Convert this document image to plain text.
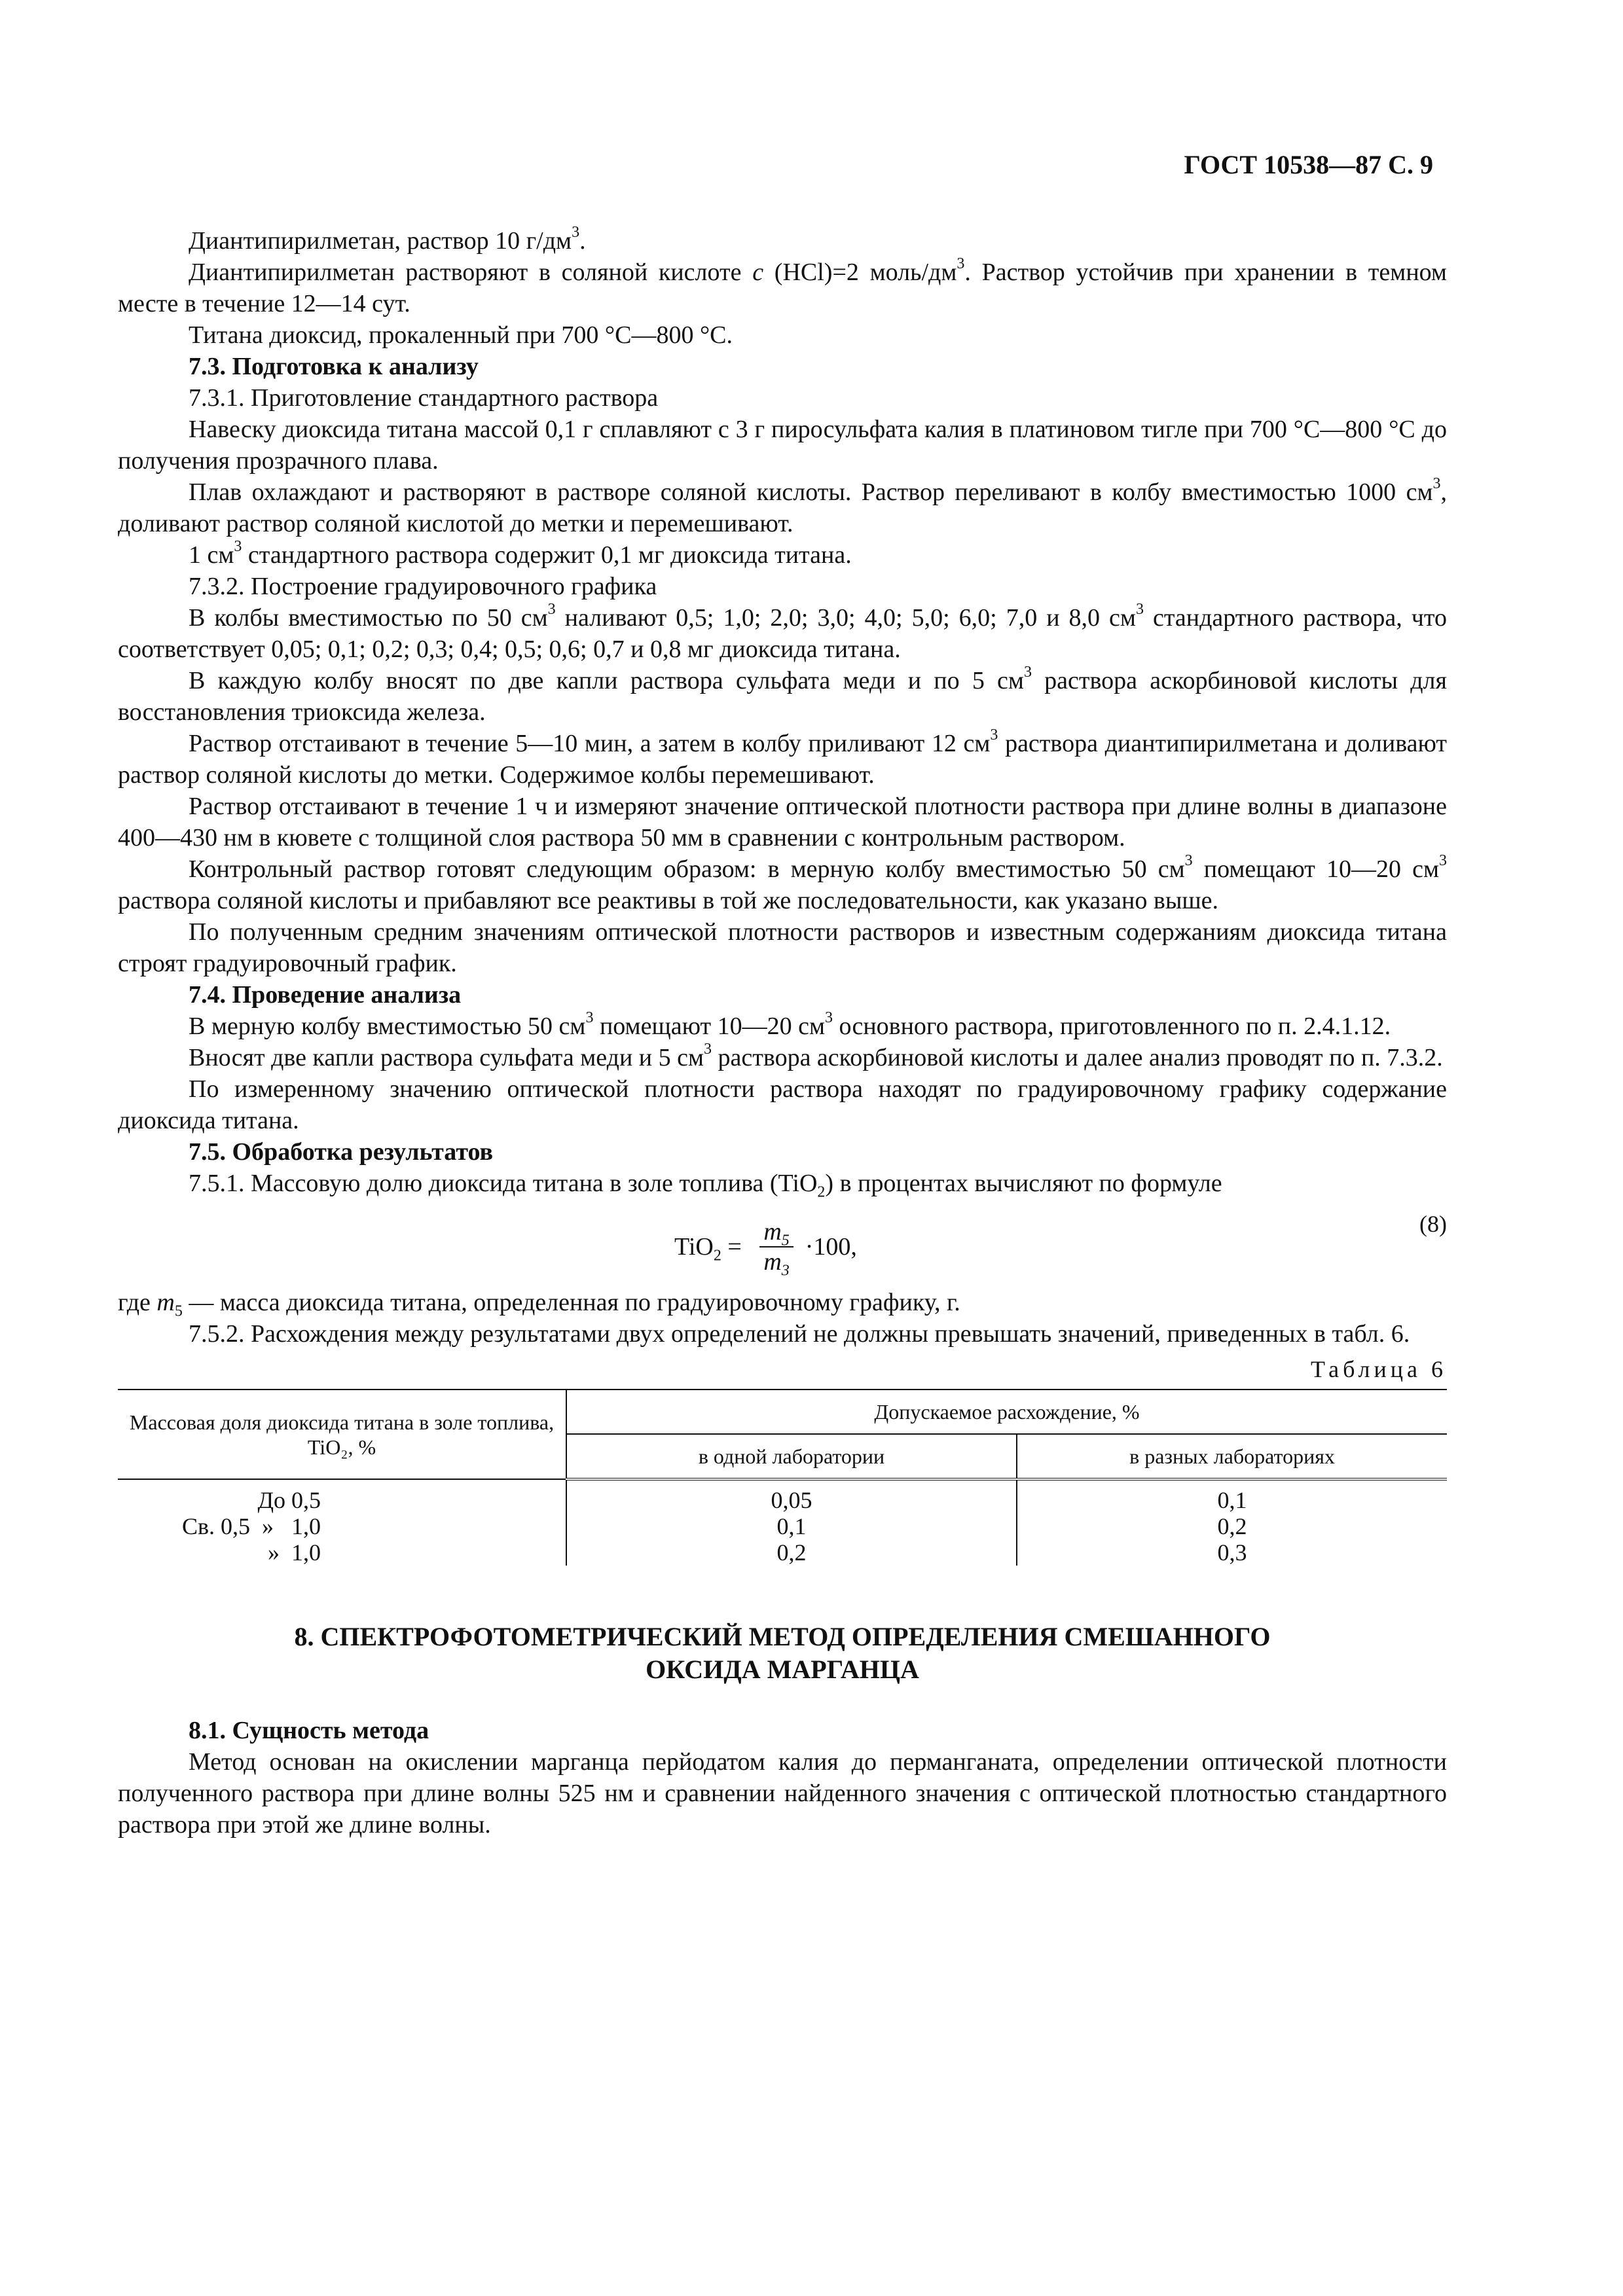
ГОСТ 10538—87 С. 9

Диантипирилметан, раствор 10 $г/дм^3$.

Диантипирилметан растворяют в соляной кислоте c (HCl)=2 моль/$дм^3$. Раствор устойчив при хранении в темном месте в течение 12—14 сут.

Титана диоксид, прокаленный при 700 °С—800 °С.

7.3. Подготовка к анализу

7.3.1. Приготовление стандартного раствора

Навеску диоксида титана массой 0,1 г сплавляют с 3 г пиросульфата калия в платиновом тигле при 700 °С—800 °С до получения прозрачного плава.

Плав охлаждают и растворяют в растворе соляной кислоты. Раствор переливают в колбу вместимостью 1000 $см^3$, доливают раствор соляной кислотой до метки и перемешивают.

1 $см^3$ стандартного раствора содержит 0,1 мг диоксида титана.

7.3.2. Построение градуировочного графика

В колбы вместимостью по 50 $см^3$ наливают 0,5; 1,0; 2,0; 3,0; 4,0; 5,0; 6,0; 7,0 и 8,0 $см^3$ стандартного раствора, что соответствует 0,05; 0,1; 0,2; 0,3; 0,4; 0,5; 0,6; 0,7 и 0,8 мг диоксида титана.

В каждую колбу вносят по две капли раствора сульфата меди и по 5 $см^3$ раствора аскорбиновой кислоты для восстановления триоксида железа.

Раствор отстаивают в течение 5—10 мин, а затем в колбу приливают 12 $см^3$ раствора диантипирилметана и доливают раствор соляной кислоты до метки. Содержимое колбы перемешивают.

Раствор отстаивают в течение 1 ч и измеряют значение оптической плотности раствора при длине волны в диапазоне 400—430 нм в кювете с толщиной слоя раствора 50 мм в сравнении с контрольным раствором.

Контрольный раствор готовят следующим образом: в мерную колбу вместимостью 50 $см^3$ помещают 10—20 $см^3$ раствора соляной кислоты и прибавляют все реактивы в той же последовательности, как указано выше.

По полученным средним значениям оптической плотности растворов и известным содержаниям диоксида титана строят градуировочный график.

7.4. Проведение анализа

В мерную колбу вместимостью 50 $см^3$ помещают 10—20 $см^3$ основного раствора, приготовленного по п. 2.4.1.12.

Вносят две капли раствора сульфата меди и 5 $см^3$ раствора аскорбиновой кислоты и далее анализ проводят по п. 7.3.2.

По измеренному значению оптической плотности раствора находят по градуировочному графику содержание диоксида титана.

7.5. Обработка результатов

7.5.1. Массовую долю диоксида титана в золе топлива (TiO$_2$) в процентах вычисляют по формуле

$TiO_2 = \frac{m_5}{m_3} \cdot 100$,
(8)

где $m_5$ — масса диоксида титана, определенная по градуировочному графику, г.

7.5.2. Расхождения между результатами двух определений не должны превышать значений, приведенных в табл. 6.

Таблица 6
Массовая доля диоксида титана в золе топлива, TiO₂, %	Допускаемое расхождение, %	
	в одной лаборатории	в разных лабораториях
До 0,5	0,05	0,1
Св. 0,5  »   1,0	0,1	0,2
»  1,0	0,2	0,3
8. СПЕКТРОФОТОМЕТРИЧЕСКИЙ МЕТОД ОПРЕДЕЛЕНИЯ СМЕШАННОГО
ОКСИДА МАРГАНЦА

8.1. Сущность метода

Метод основан на окислении марганца перйодатом калия до перманганата, определении оптической плотности полученного раствора при длине волны 525 нм и сравнении найденного значения с оптической плотностью стандартного раствора при этой же длине волны.
